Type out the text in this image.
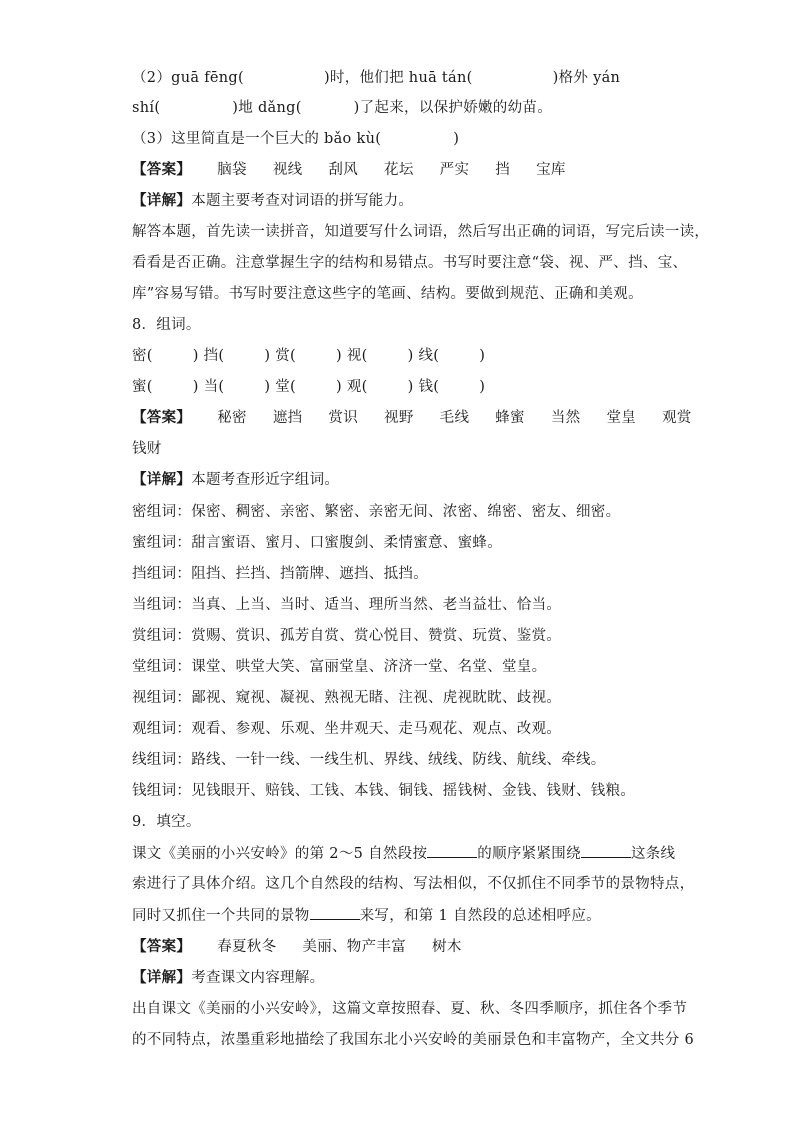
（2）guā fēng(	)时，他们把 huā tán(	)格外 yán
shí(	)地 dǎng(	)了起来，以保护娇嫩的幼苗。
（3）这里简直是一个巨大的 bǎo kù(	)
【答案】 脑袋 视线 刮风 花坛 严实 挡 宝库
【详解】本题主要考查对词语的拼写能力。
解答本题，首先读一读拼音，知道要写什么词语，然后写出正确的词语，写完后读一读，
看看是否正确。注意掌握生字的结构和易错点。书写时要注意“袋、视、严、挡、宝、
库”容易写错。书写时要注意这些字的笔画、结构。要做到规范、正确和美观。
8．组词。
密(	) 挡(	) 赏(	) 视(	) 线(	)
蜜(	) 当(	) 堂(	) 观(	) 钱(	)
【答案】 秘密 遮挡 赏识 视野 毛线 蜂蜜 当然 堂皇 观赏
钱财
【详解】本题考查形近字组词。
密组词：保密、稠密、亲密、繁密、亲密无间、浓密、绵密、密友、细密。
蜜组词：甜言蜜语、蜜月、口蜜腹剑、柔情蜜意、蜜蜂。
挡组词：阻挡、拦挡、挡箭牌、遮挡、抵挡。
当组词：当真、上当、当时、适当、理所当然、老当益壮、恰当。
赏组词：赏赐、赏识、孤芳自赏、赏心悦目、赞赏、玩赏、鉴赏。
堂组词：课堂、哄堂大笑、富丽堂皇、济济一堂、名堂、堂皇。
视组词：鄙视、窥视、凝视、熟视无睹、注视、虎视眈眈、歧视。
观组词：观看、参观、乐观、坐井观天、走马观花、观点、改观。
线组词：路线、一针一线、一线生机、界线、绒线、防线、航线、牵线。
钱组词：见钱眼开、赔钱、工钱、本钱、铜钱、摇钱树、金钱、钱财、钱粮。
9．填空。
课文《美丽的小兴安岭》的第 2～5 自然段按	的顺序紧紧围绕	这条线
索进行了具体介绍。这几个自然段的结构、写法相似，不仅抓住不同季节的景物特点，
同时又抓住一个共同的景物	来写，和第 1 自然段的总述相呼应。
【答案】 春夏秋冬 美丽、物产丰富 树木
【详解】考查课文内容理解。
出自课文《美丽的小兴安岭》，这篇文章按照春、夏、秋、冬四季顺序，抓住各个季节
的不同特点，浓墨重彩地描绘了我国东北小兴安岭的美丽景色和丰富物产，全文共分 6
